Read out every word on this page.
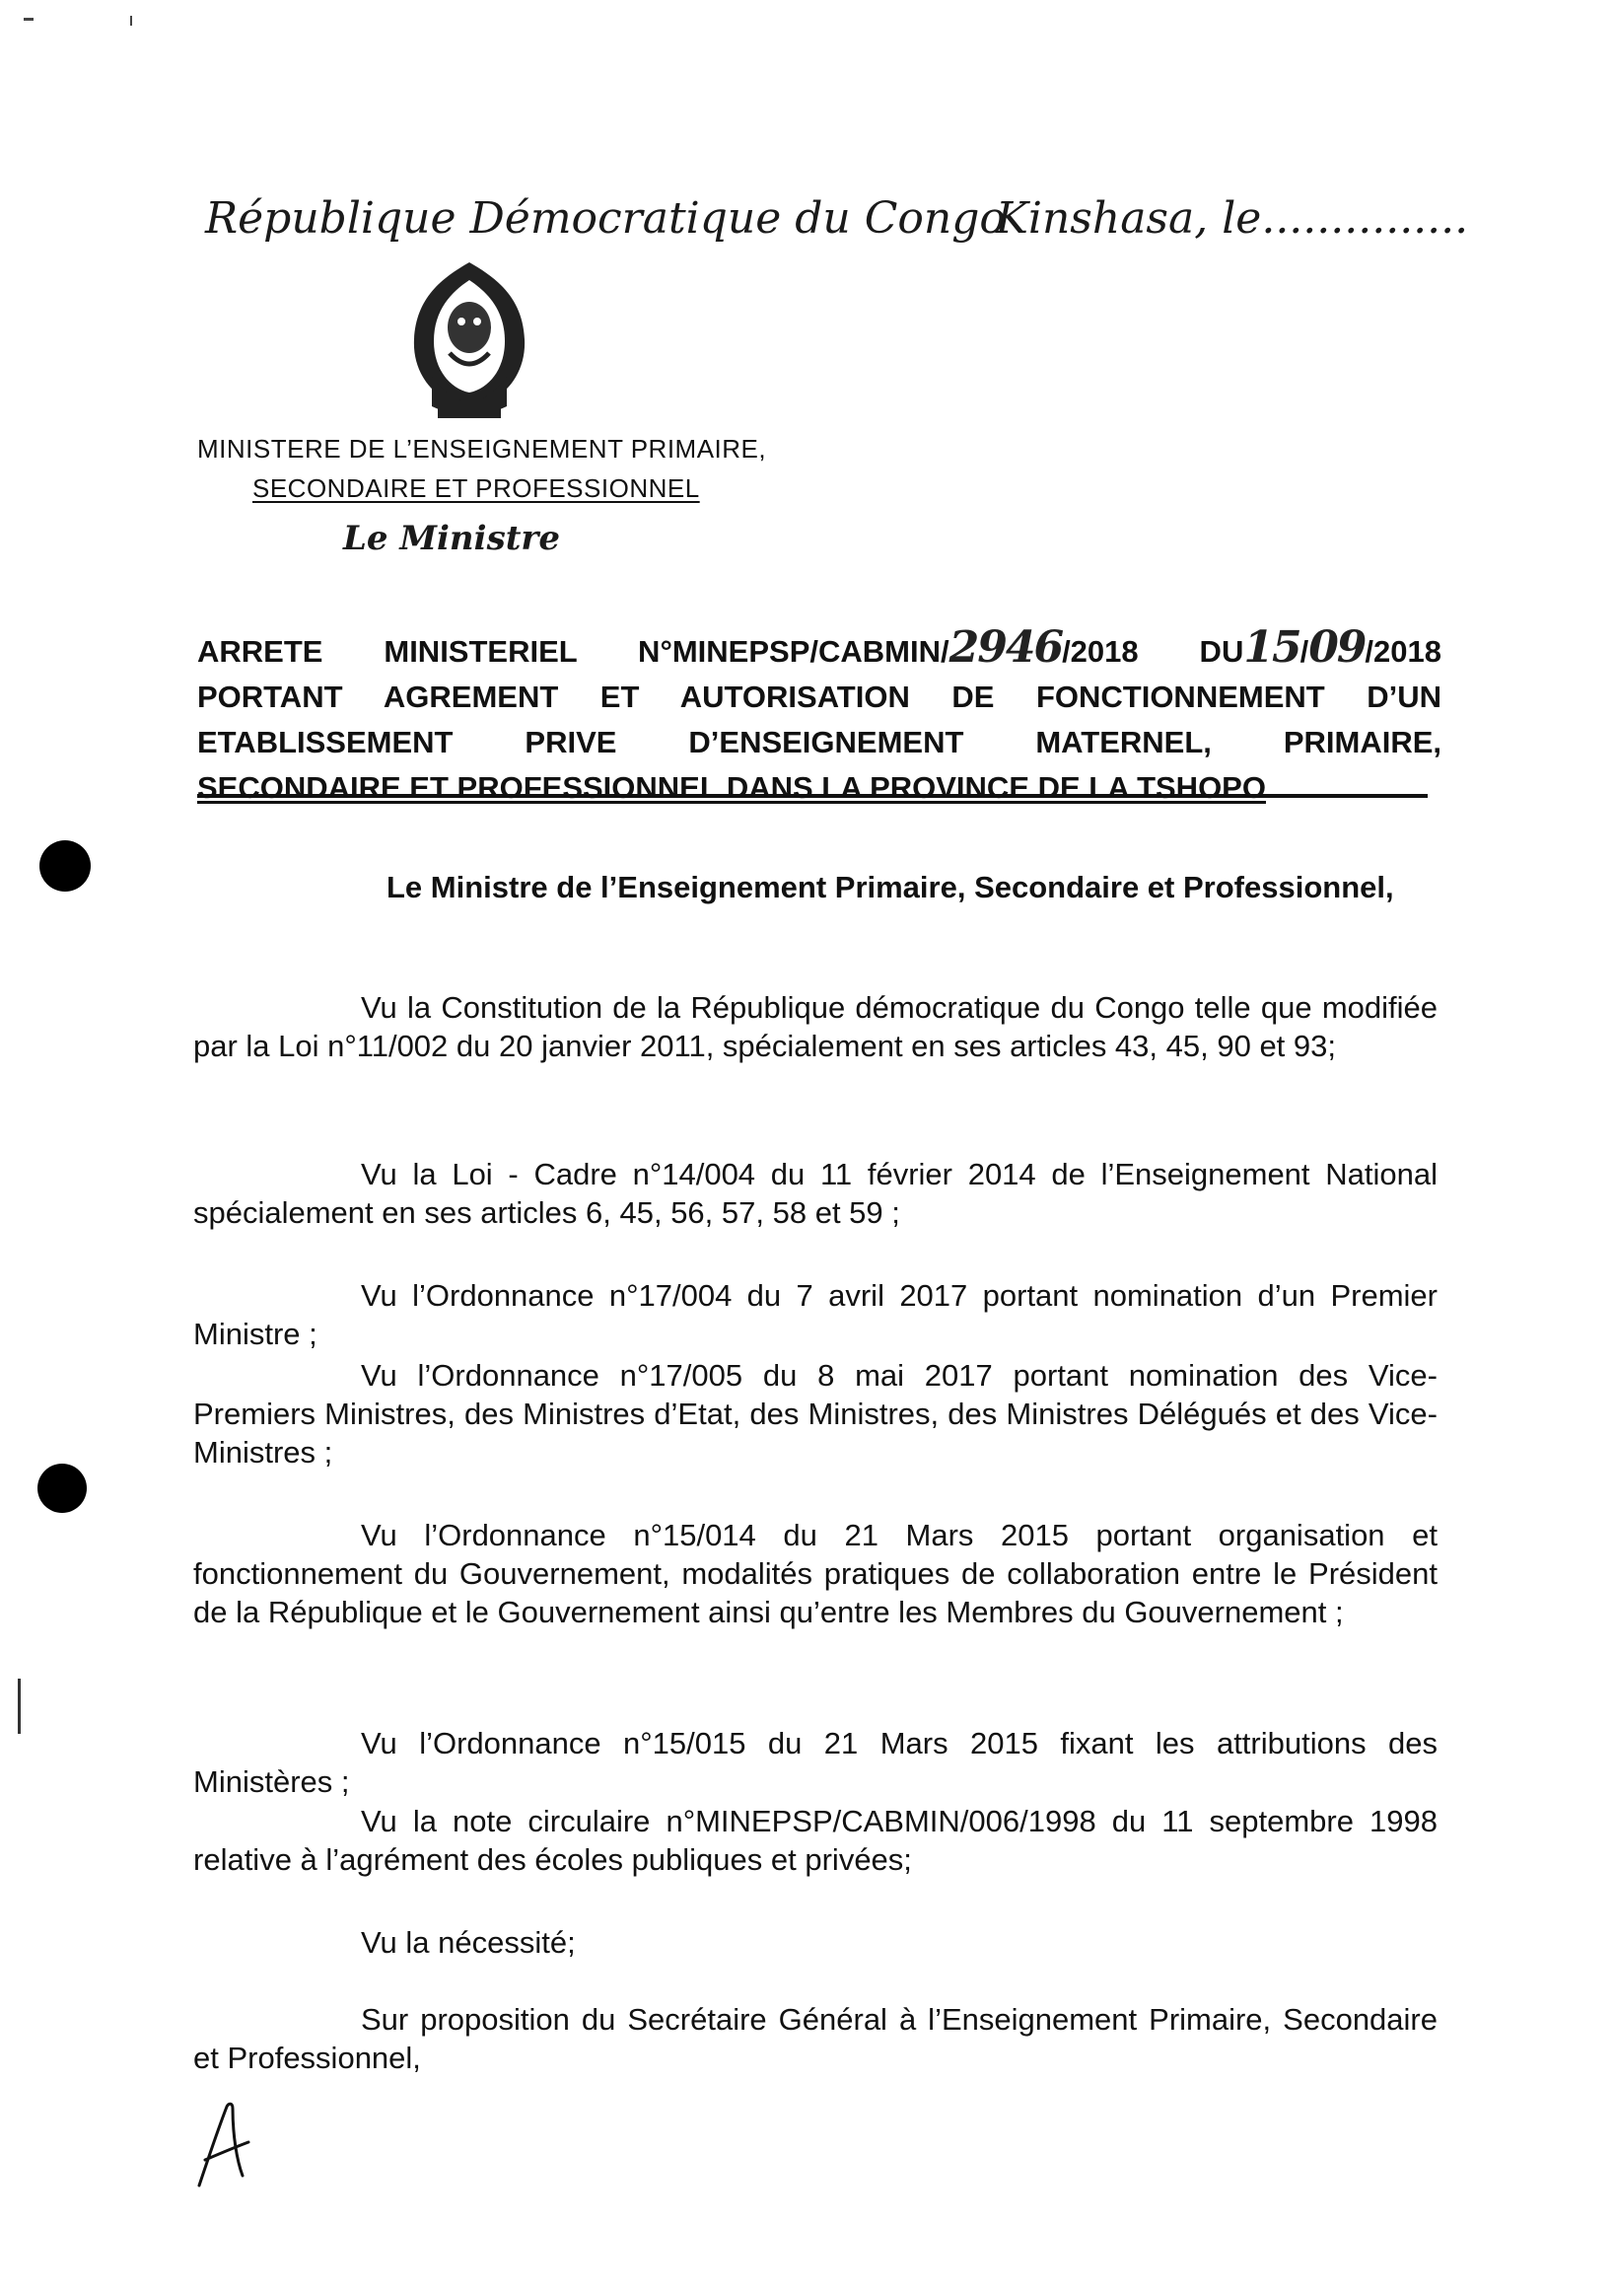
République Démocratique du Congo
Kinshasa, le...............
MINISTERE DE L’ENSEIGNEMENT PRIMAIRE,
SECONDAIRE ET PROFESSIONNEL
Le Ministre
ARRETE MINISTERIEL N°MINEPSP/CABMIN/2946/2018 DU15/09/2018
PORTANT AGREMENT ET AUTORISATION DE FONCTIONNEMENT D’UN
ETABLISSEMENT PRIVE D’ENSEIGNEMENT MATERNEL, PRIMAIRE,
SECONDAIRE ET PROFESSIONNEL DANS LA PROVINCE DE LA TSHOPO
Le Ministre de l’Enseignement Primaire, Secondaire et Professionnel,
Vu la Constitution de la République démocratique du Congo telle que modifiée par la Loi n°11/002 du 20 janvier 2011, spécialement en ses articles 43, 45, 90 et 93;
Vu la Loi - Cadre n°14/004 du 11 février 2014 de l’Enseignement National spécialement en ses articles 6, 45, 56, 57, 58 et 59 ;
Vu l’Ordonnance n°17/004 du 7 avril 2017 portant nomination d’un Premier Ministre ;
Vu l’Ordonnance n°17/005 du 8 mai 2017 portant nomination des Vice-Premiers Ministres, des Ministres d’Etat, des Ministres, des Ministres Délégués et des Vice-Ministres ;
Vu l’Ordonnance n°15/014 du 21 Mars 2015 portant organisation et fonctionnement du Gouvernement, modalités pratiques de collaboration entre le Président de la République et le Gouvernement ainsi qu’entre les Membres du Gouvernement ;
Vu l’Ordonnance n°15/015 du 21 Mars 2015 fixant les attributions des Ministères ;
Vu la note circulaire n°MINEPSP/CABMIN/006/1998 du 11 septembre 1998 relative à l’agrément des écoles publiques et privées;
Vu la nécessité;
Sur proposition du Secrétaire Général à l’Enseignement Primaire, Secondaire et Professionnel,
